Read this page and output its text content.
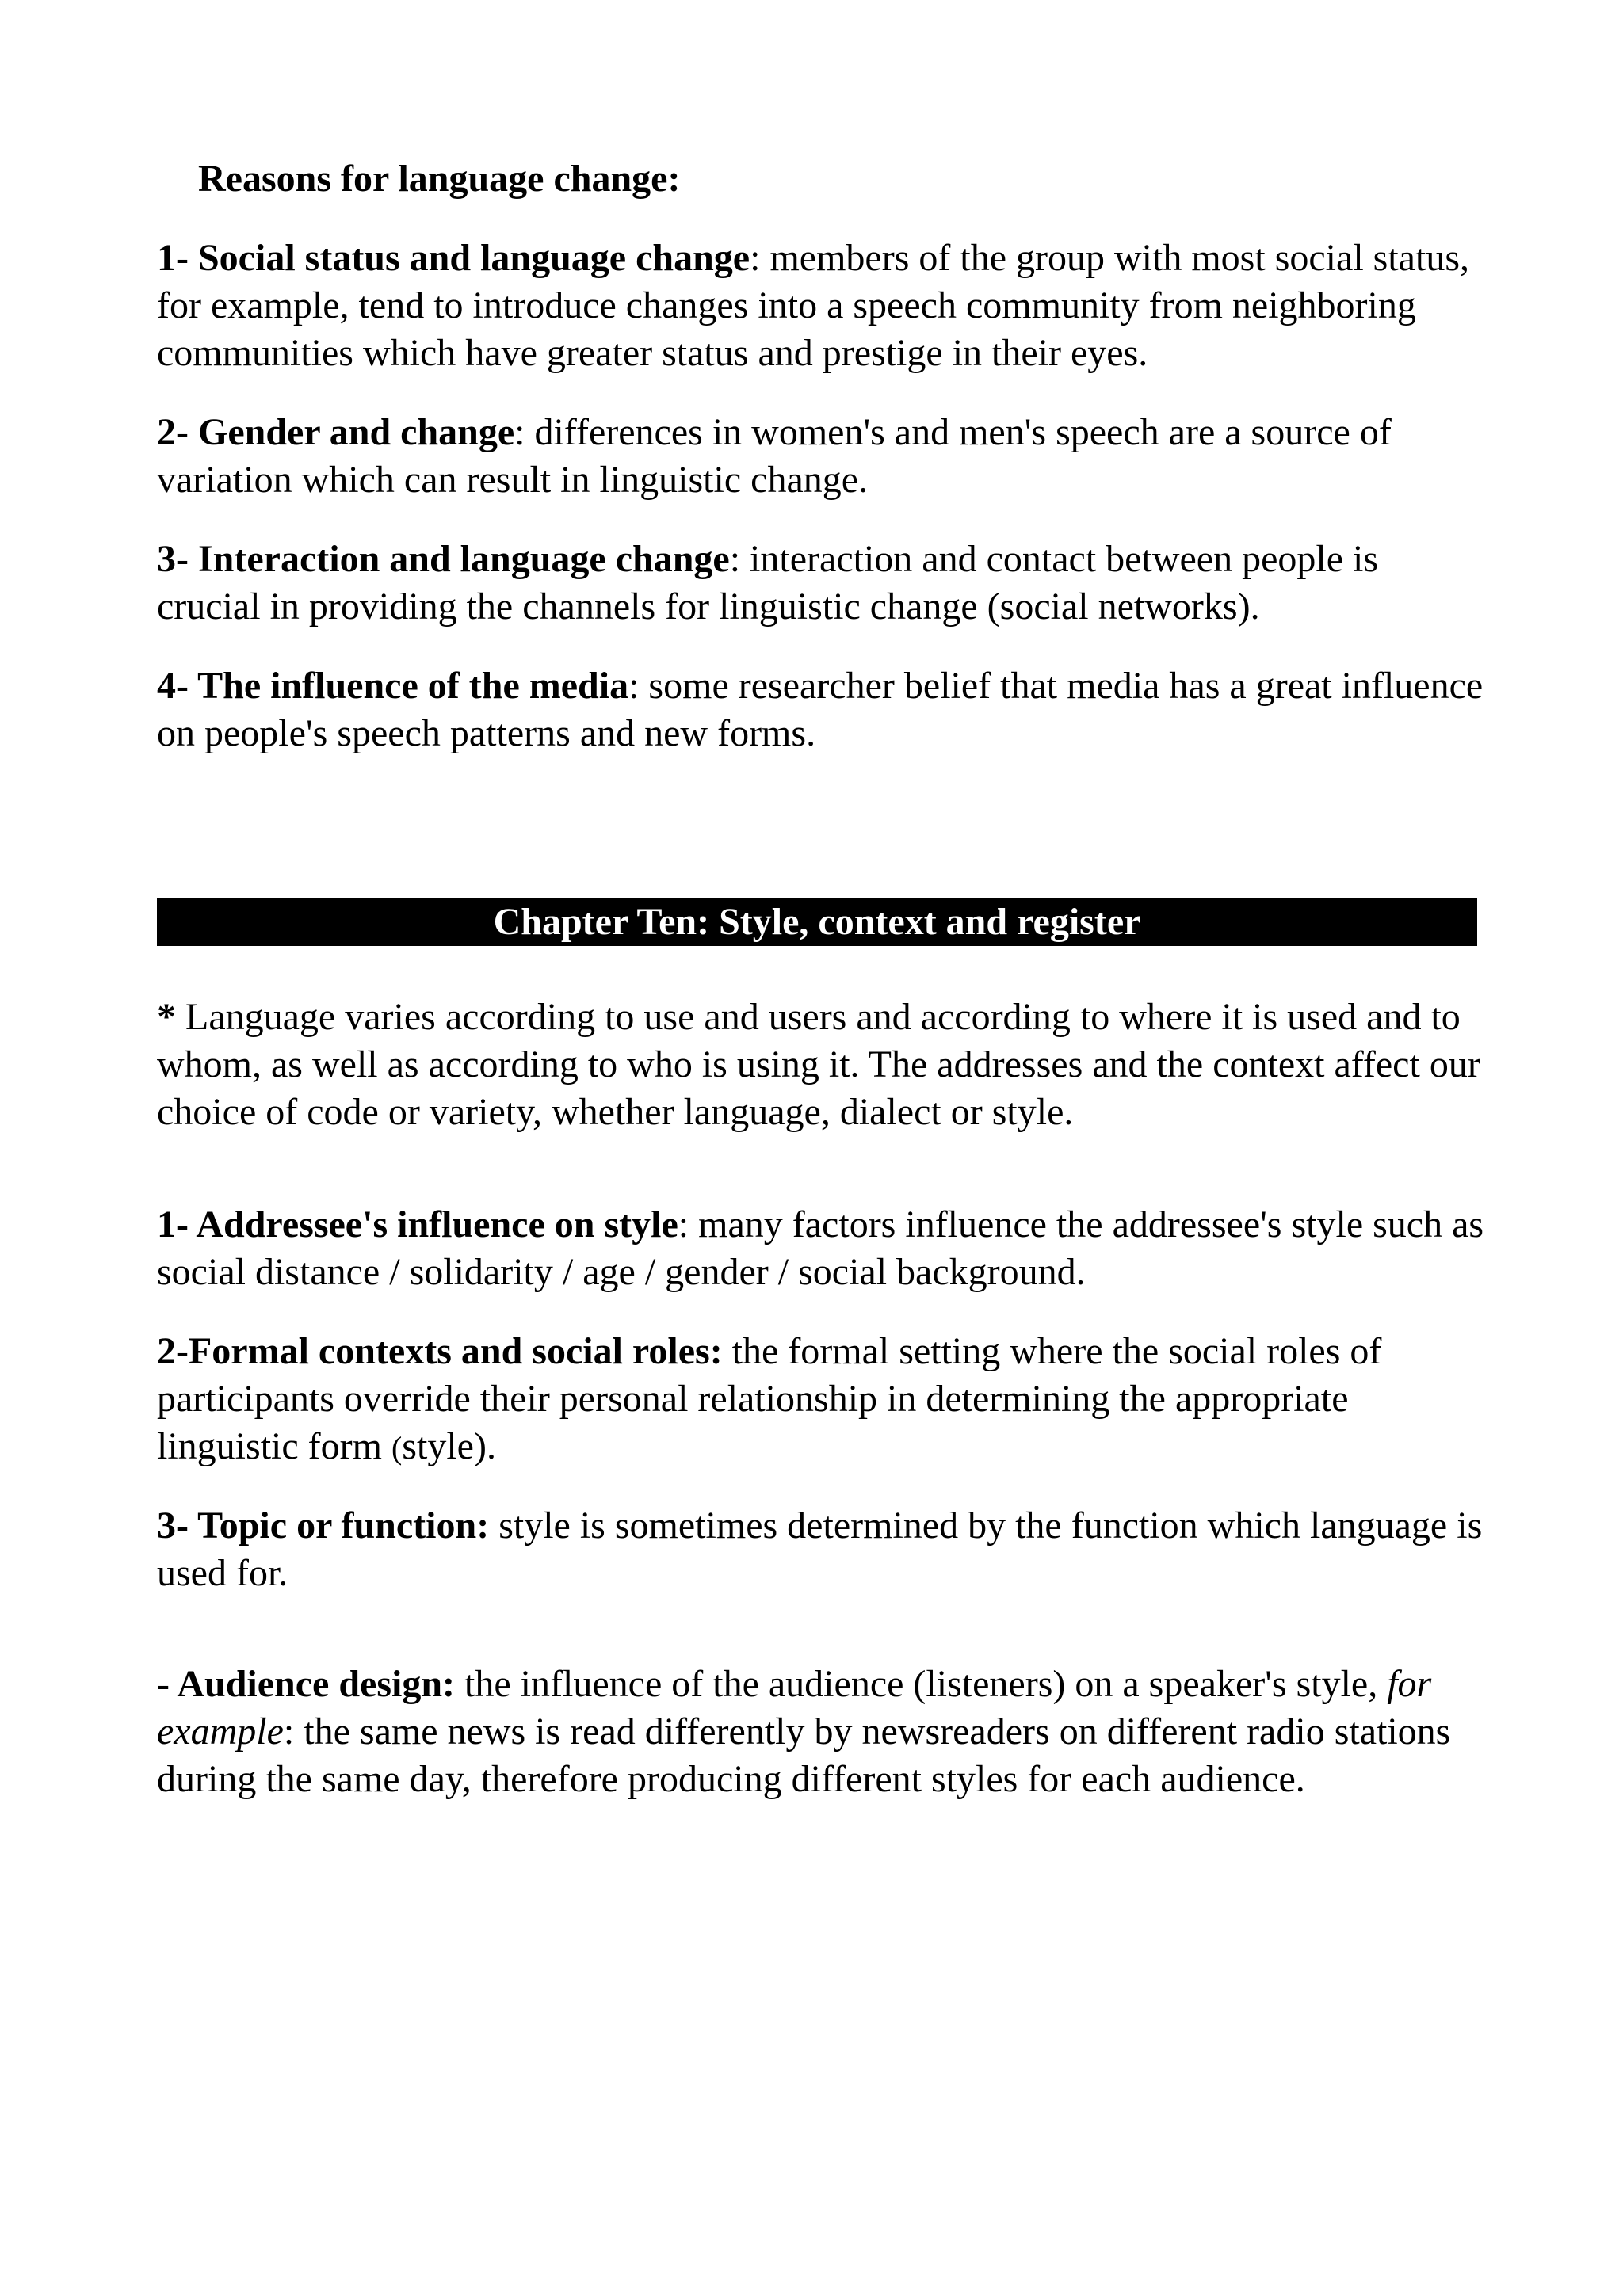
Reasons for language change:

1- Social status and language change: members of the group with most social status, for example, tend to introduce changes into a speech community from neighboring communities which have greater status and prestige in their eyes.

2- Gender and change: differences in women's and men's speech are a source of variation which can result in linguistic change.

3- Interaction and language change: interaction and contact between people is crucial in providing the channels for linguistic change (social networks).

4- The influence of the media: some researcher belief that media has a great influence on people's speech patterns and new forms.

Chapter Ten: Style, context and register

* Language varies according to use and users and according to where it is used and to whom, as well as according to who is using it. The addresses and the context affect our choice of code or variety, whether language, dialect or style.

1- Addressee's influence on style: many factors influence the addressee's style such as social distance / solidarity / age / gender / social background.

2-Formal contexts and social roles: the formal setting where the social roles of participants override their personal relationship in determining the appropriate linguistic form (style).

3- Topic or function: style is sometimes determined by the function which language is used for.

- Audience design: the influence of the audience (listeners) on a speaker's style, for example: the same news is read differently by newsreaders on different radio stations during the same day, therefore producing different styles for each audience.
